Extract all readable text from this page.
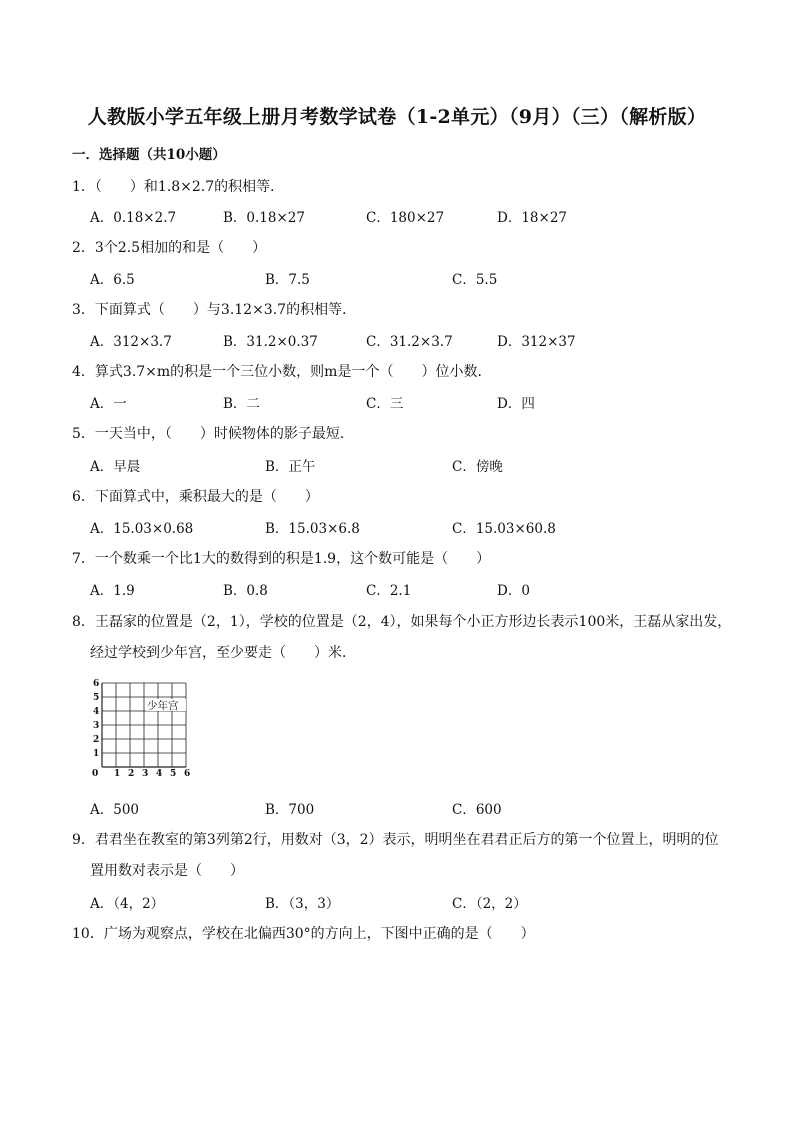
人教版小学五年级上册月考数学试卷（1-2单元）（9月）（三）（解析版）
一．选择题（共10小题）
1．（　　）和1.8×2.7的积相等．
A．0.18×2.7	B．0.18×27	C．180×27	D．18×27
2．3个2.5相加的和是（　　）
A．6.5	B．7.5	C．5.5
3．下面算式（　　）与3.12×3.7的积相等．
A．312×3.7	B．31.2×0.37	C．31.2×3.7	D．312×37
4．算式3.7×m的积是一个三位小数，则m是一个（　　）位小数．
A．一	B．二	C．三	D．四
5．一天当中，（　　）时候物体的影子最短．
A．早晨	B．正午	C．傍晚
6．下面算式中，乘积最大的是（　　）
A．15.03×0.68	B．15.03×6.8	C．15.03×60.8
7．一个数乘一个比1大的数得到的积是1.9，这个数可能是（　　）
A．1.9	B．0.8	C．2.1	D．0
8．王磊家的位置是（2，1），学校的位置是（2，4），如果每个小正方形边长表示100米，王磊从家出发，
经过学校到少年宫，至少要走（　　）米．
0 1 2 3 4 5 6
1
2
3
4
5
6
少年宫
A．500	B．700	C．600
9．君君坐在教室的第3列第2行，用数对（3，2）表示，明明坐在君君正后方的第一个位置上，明明的位
置用数对表示是（　　）
A．（4，2）	B．（3，3）	C．（2，2）
10．广场为观察点，学校在北偏西30°的方向上，下图中正确的是（　　）
